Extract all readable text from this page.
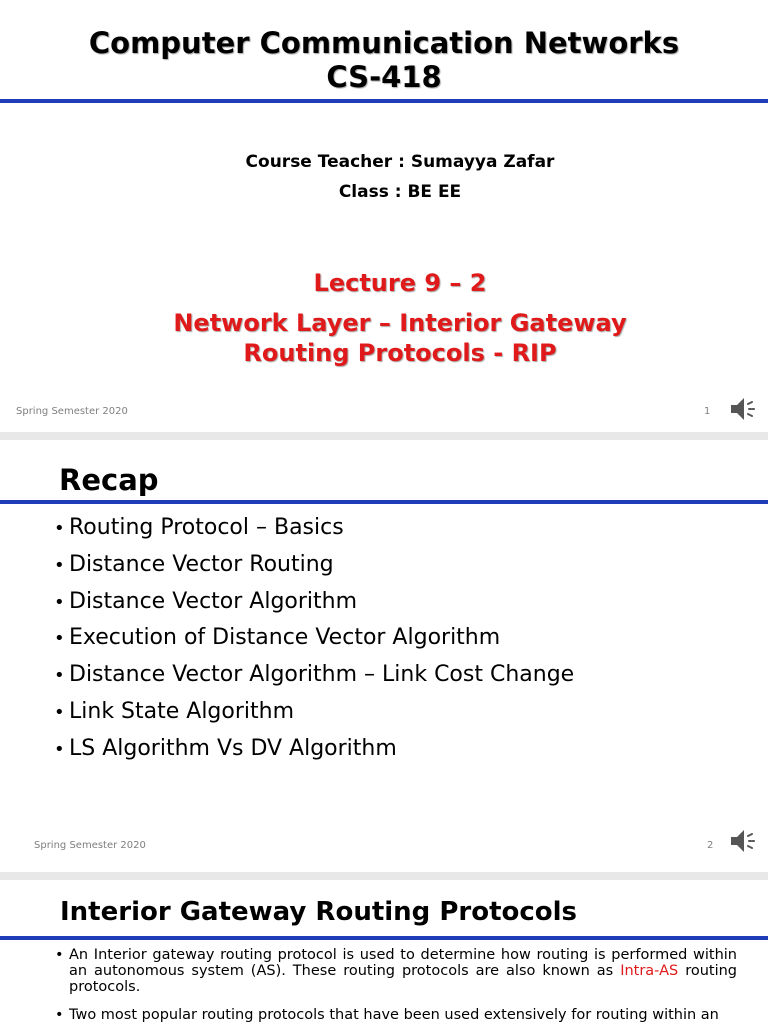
Computer Communication Networks
CS-418
Course Teacher : Sumayya Zafar
Class : BE EE
Lecture 9 – 2
Network Layer – Interior Gateway
Routing Protocols - RIP
Spring Semester 2020	1
Recap
• Routing Protocol – Basics
• Distance Vector Routing
• Distance Vector Algorithm
• Execution of Distance Vector Algorithm
• Distance Vector Algorithm – Link Cost Change
• Link State Algorithm
• LS Algorithm Vs DV Algorithm
Spring Semester 2020	2
Interior Gateway Routing Protocols
• An Interior gateway routing protocol is used to determine how routing is performed within an autonomous system (AS). These routing protocols are also known as Intra-AS routing protocols.
• Two most popular routing protocols that have been used extensively for routing within an
